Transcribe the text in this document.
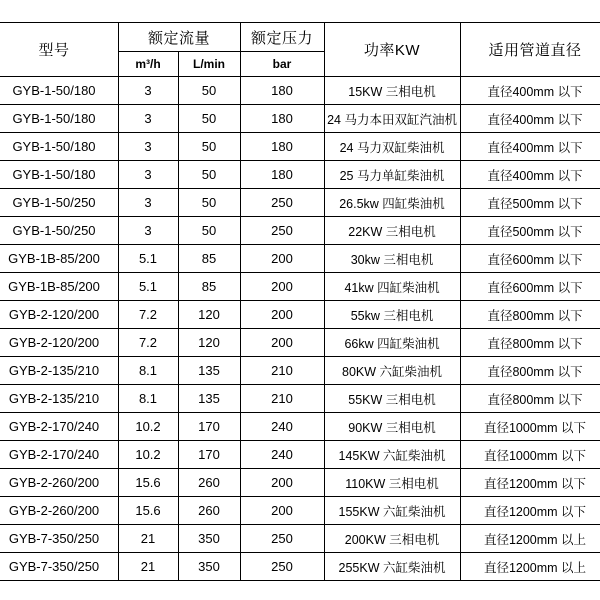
型号	额定流量		额定压力	功率KW	适用管道直径
	m³/h	L/min	bar		
GYB-1-50/180	3	50	180	15KW 三相电机	直径400mm 以下
GYB-1-50/180	3	50	180	24 马力本田双缸汽油机	直径400mm 以下
GYB-1-50/180	3	50	180	24 马力双缸柴油机	直径400mm 以下
GYB-1-50/180	3	50	180	25 马力单缸柴油机	直径400mm 以下
GYB-1-50/250	3	50	250	26.5kw 四缸柴油机	直径500mm 以下
GYB-1-50/250	3	50	250	22KW 三相电机	直径500mm 以下
GYB-1B-85/200	5.1	85	200	30kw 三相电机	直径600mm 以下
GYB-1B-85/200	5.1	85	200	41kw 四缸柴油机	直径600mm 以下
GYB-2-120/200	7.2	120	200	55kw 三相电机	直径800mm 以下
GYB-2-120/200	7.2	120	200	66kw 四缸柴油机	直径800mm 以下
GYB-2-135/210	8.1	135	210	80KW 六缸柴油机	直径800mm 以下
GYB-2-135/210	8.1	135	210	55KW 三相电机	直径800mm 以下
GYB-2-170/240	10.2	170	240	90KW 三相电机	直径1000mm 以下
GYB-2-170/240	10.2	170	240	145KW 六缸柴油机	直径1000mm 以下
GYB-2-260/200	15.6	260	200	110KW 三相电机	直径1200mm 以下
GYB-2-260/200	15.6	260	200	155KW 六缸柴油机	直径1200mm 以下
GYB-7-350/250	21	350	250	200KW 三相电机	直径1200mm 以上
GYB-7-350/250	21	350	250	255KW 六缸柴油机	直径1200mm 以上
